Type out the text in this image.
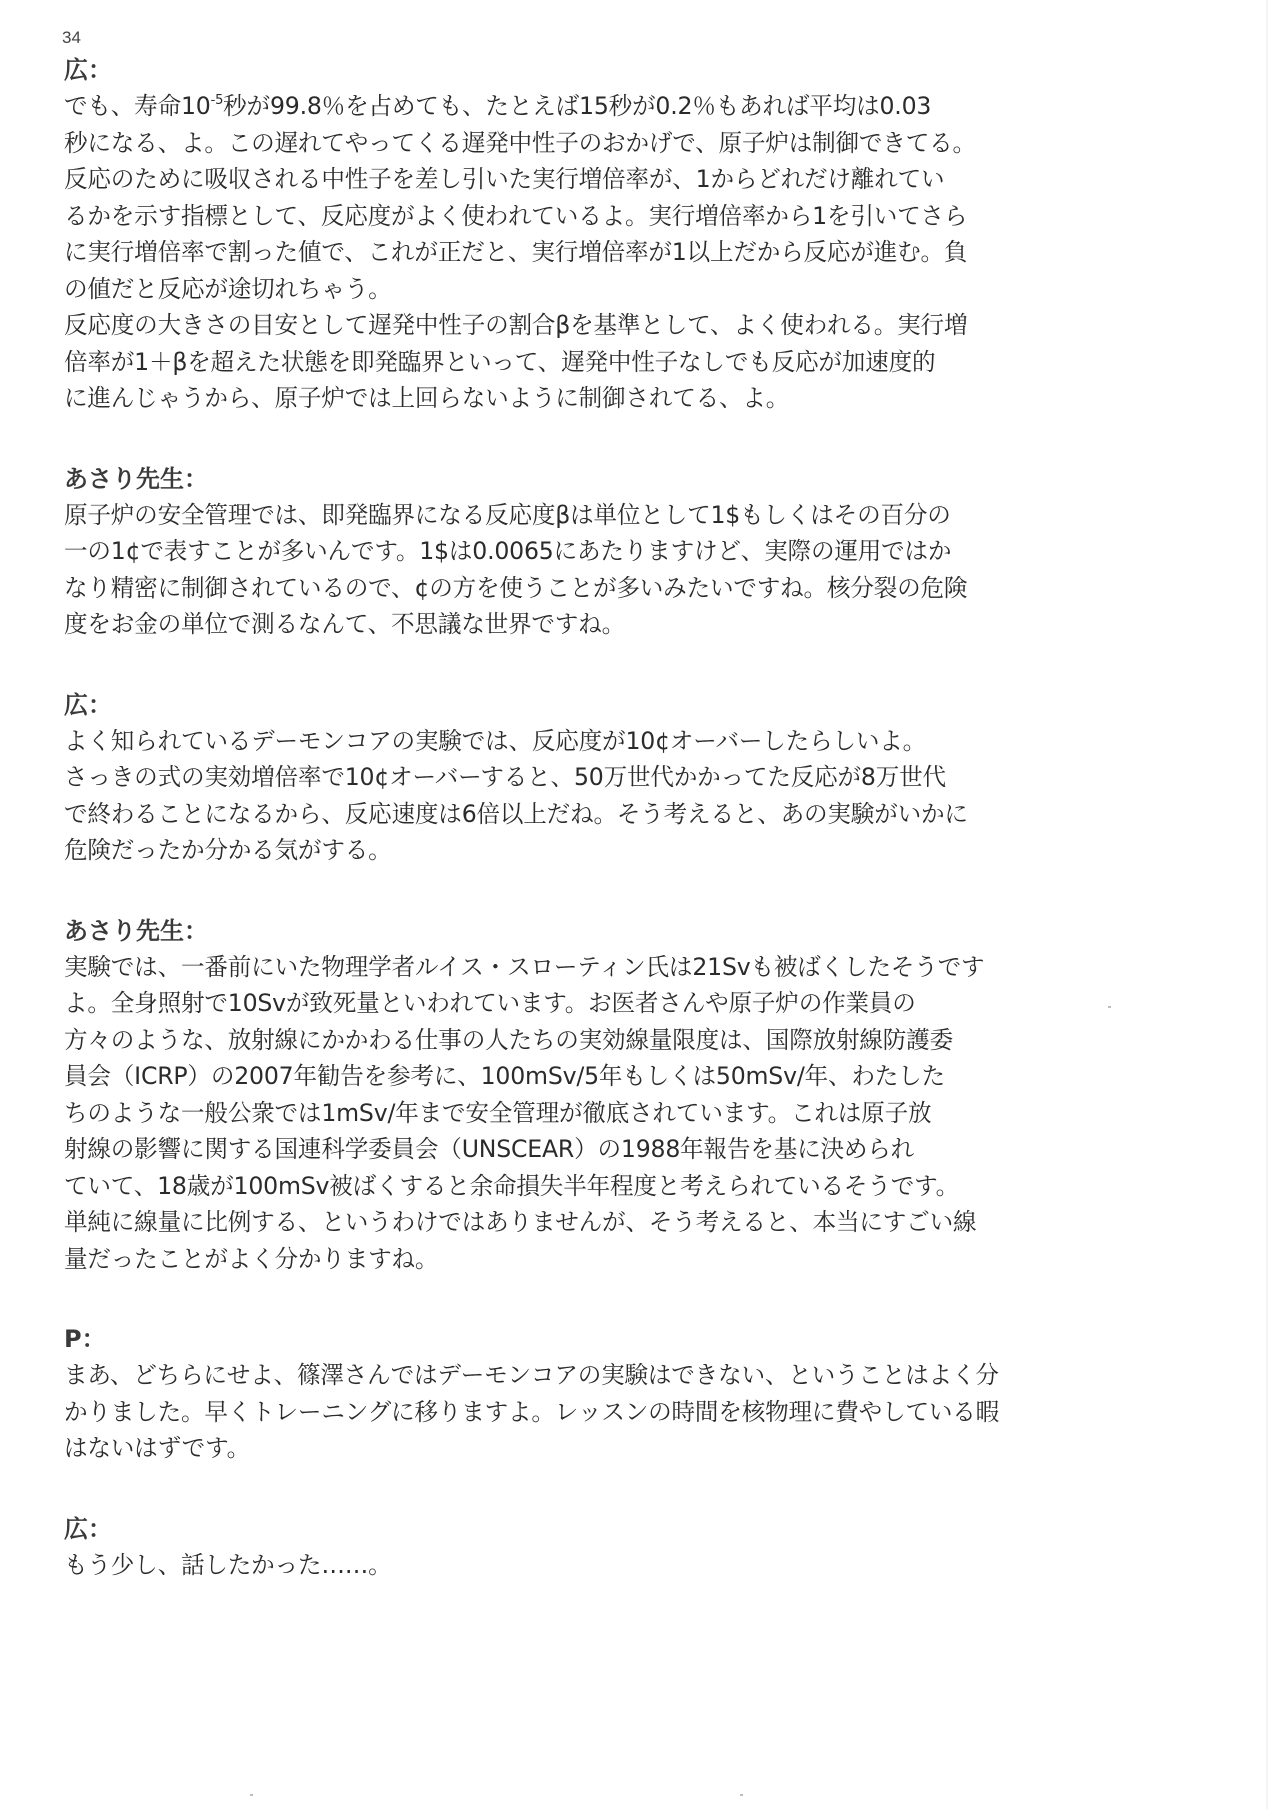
34
広：
でも、寿命$10^{-5}$秒が99.8％を占めても、たとえば15秒が0.2％もあれば平均は0.03
秒になる、よ。この遅れてやってくる遅発中性子のおかげで、原子炉は制御できてる。
反応のために吸収される中性子を差し引いた実行増倍率が、1からどれだけ離れてい
るかを示す指標として、反応度がよく使われているよ。実行増倍率から1を引いてさら
に実行増倍率で割った値で、これが正だと、実行増倍率が1以上だから反応が進む。負
の値だと反応が途切れちゃう。
反応度の大きさの目安として遅発中性子の割合βを基準として、よく使われる。実行増
倍率が1＋βを超えた状態を即発臨界といって、遅発中性子なしでも反応が加速度的
に進んじゃうから、原子炉では上回らないように制御されてる、よ。
あさり先生：
原子炉の安全管理では、即発臨界になる反応度βは単位として1$もしくはその百分の
一の1¢で表すことが多いんです。1$は0.0065にあたりますけど、実際の運用ではか
なり精密に制御されているので、¢の方を使うことが多いみたいですね。核分裂の危険
度をお金の単位で測るなんて、不思議な世界ですね。
広：
よく知られているデーモンコアの実験では、反応度が10¢オーバーしたらしいよ。
さっきの式の実効増倍率で10¢オーバーすると、50万世代かかってた反応が8万世代
で終わることになるから、反応速度は6倍以上だね。そう考えると、あの実験がいかに
危険だったか分かる気がする。
あさり先生：
実験では、一番前にいた物理学者ルイス・スローティン氏は21Svも被ばくしたそうです
よ。全身照射で10Svが致死量といわれています。お医者さんや原子炉の作業員の
方々のような、放射線にかかわる仕事の人たちの実効線量限度は、国際放射線防護委
員会（ICRP）の2007年勧告を参考に、100mSv/5年もしくは50mSv/年、わたした
ちのような一般公衆では1mSv/年まで安全管理が徹底されています。これは原子放
射線の影響に関する国連科学委員会（UNSCEAR）の1988年報告を基に決められ
ていて、18歳が100mSv被ばくすると余命損失半年程度と考えられているそうです。
単純に線量に比例する、というわけではありませんが、そう考えると、本当にすごい線
量だったことがよく分かりますね。
P：
まあ、どちらにせよ、篠澤さんではデーモンコアの実験はできない、ということはよく分
かりました。早くトレーニングに移りますよ。レッスンの時間を核物理に費やしている暇
はないはずです。
広：
もう少し、話したかった……。
